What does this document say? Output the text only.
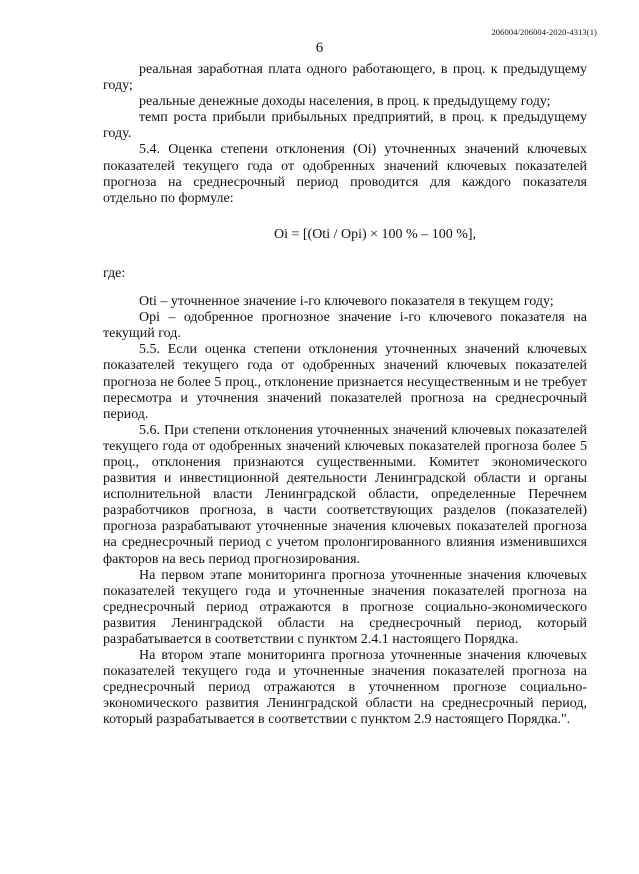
206004/206004-2020-4313(1)
6

реальная заработная плата одного работающего, в проц. к предыдущему году;

реальные денежные доходы населения, в проц. к предыдущему году;

темп роста прибыли прибыльных предприятий, в проц. к предыдущему году.

5.4. Оценка степени отклонения (Oi) уточненных значений ключевых показателей текущего года от одобренных значений ключевых показателей прогноза на среднесрочный период проводится для каждого показателя отдельно по формуле:

Oi = [(Oti / Opi) × 100 % – 100 %],

где:

Oti – уточненное значение i-го ключевого показателя в текущем году;

Opi – одобренное прогнозное значение i-го ключевого показателя на текущий год.

5.5. Если оценка степени отклонения уточненных значений ключевых показателей текущего года от одобренных значений ключевых показателей прогноза не более 5 проц., отклонение признается несущественным и не требует пересмотра и уточнения значений показателей прогноза на среднесрочный период.

5.6. При степени отклонения уточненных значений ключевых показателей текущего года от одобренных значений ключевых показателей прогноза более 5 проц., отклонения признаются существенными. Комитет экономического развития и инвестиционной деятельности Ленинградской области и органы исполнительной власти Ленинградской области, определенные Перечнем разработчиков прогноза, в части соответствующих разделов (показателей) прогноза разрабатывают уточненные значения ключевых показателей прогноза на среднесрочный период с учетом пролонгированного влияния изменившихся факторов на весь период прогнозирования.

На первом этапе мониторинга прогноза уточненные значения ключевых показателей текущего года и уточненные значения показателей прогноза на среднесрочный период отражаются в прогнозе социально-экономического развития Ленинградской области на среднесрочный период, который разрабатывается в соответствии с пунктом 2.4.1 настоящего Порядка.

На втором этапе мониторинга прогноза уточненные значения ключевых показателей текущего года и уточненные значения показателей прогноза на среднесрочный период отражаются в уточненном прогнозе социально-экономического развития Ленинградской области на среднесрочный период, который разрабатывается в соответствии с пунктом 2.9 настоящего Порядка.".
